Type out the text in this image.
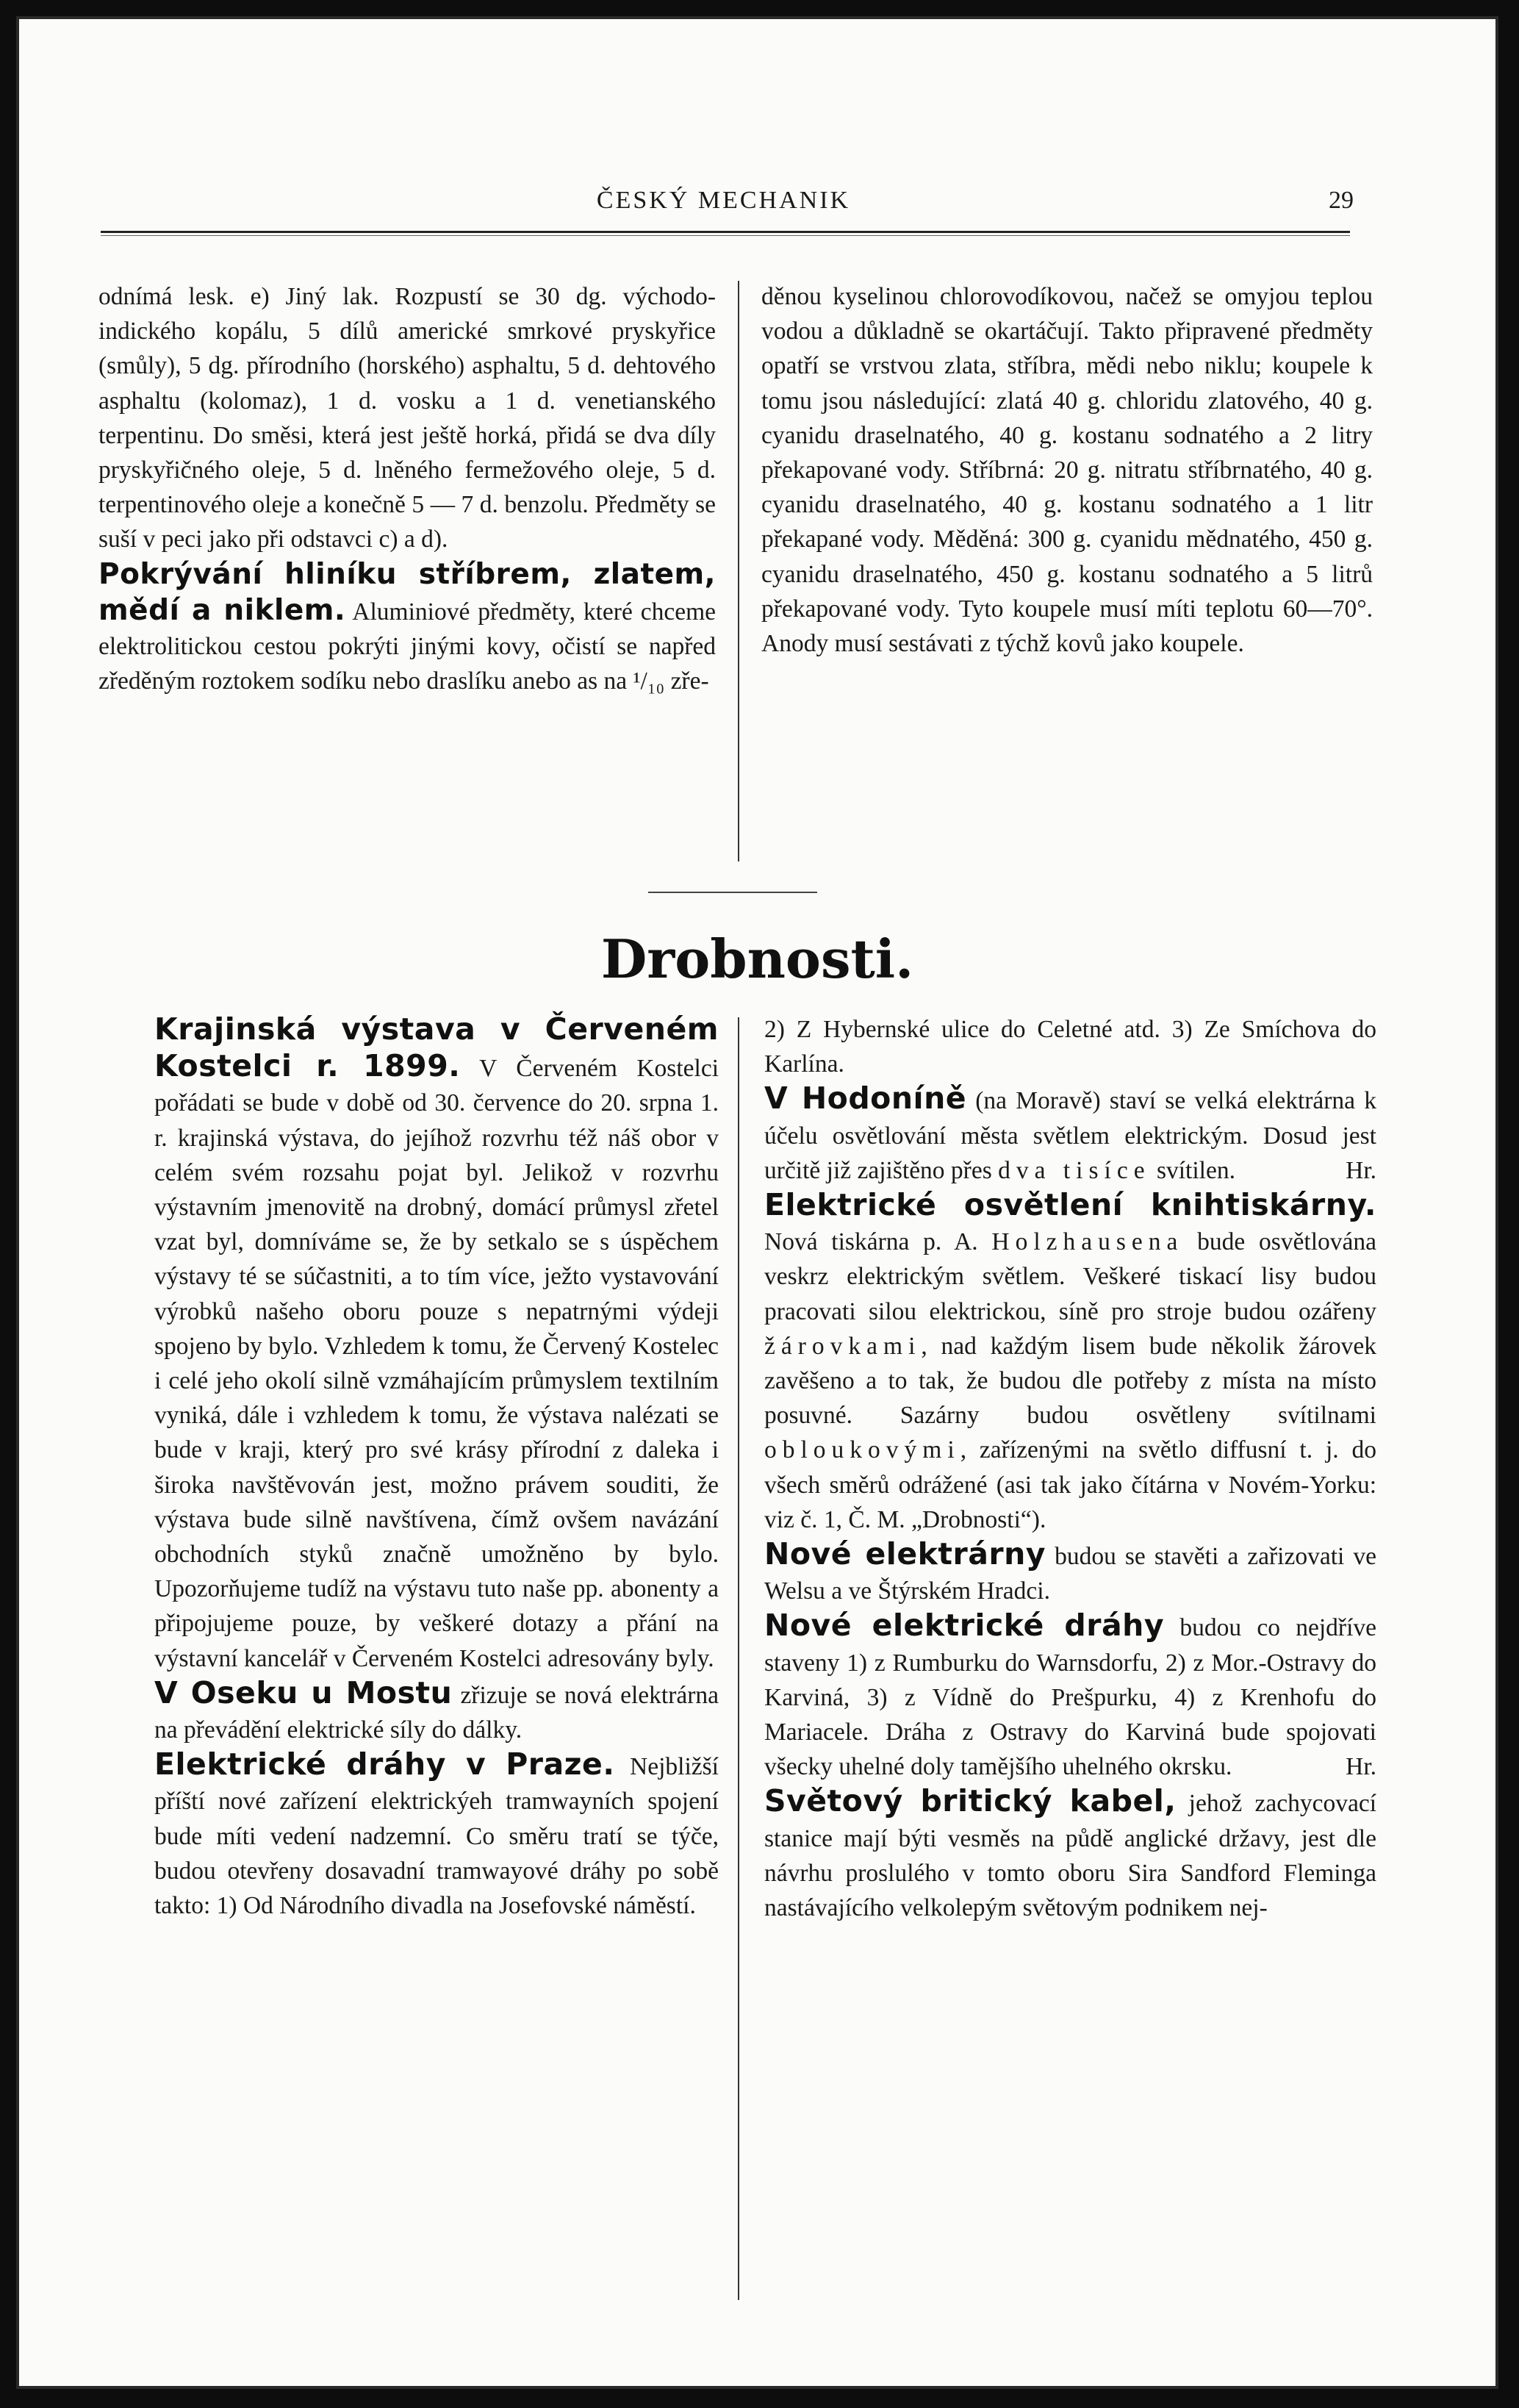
ČESKÝ MECHANIK	29

odnímá lesk. e) Jiný lak. Rozpustí se 30 dg. východo-indického kopálu, 5 dílů americké smrkové pryskyřice (smůly), 5 dg. přírodního (horského) asphaltu, 5 d. dehtového asphaltu (kolomaz), 1 d. vosku a 1 d. venetianského terpentinu. Do směsi, která jest ještě horká, přidá se dva díly pryskyřičného oleje, 5 d. lněného fermežového oleje, 5 d. terpentinového oleje a konečně 5 — 7 d. benzolu. Předměty se suší v peci jako při odstavci c) a d).

Pokrývání hliníku stříbrem, zlatem, mědí a niklem. Aluminiové předměty, které chceme elektrolitickou cestou pokrýti jinými kovy, očistí se napřed zředěným roztokem sodíku nebo draslíku anebo as na ¹/₁₀ zře-

děnou kyselinou chlorovodíkovou, načež se omyjou teplou vodou a důkladně se okartáčují. Takto připravené předměty opatří se vrstvou zlata, stříbra, mědi nebo niklu; koupele k tomu jsou následující: zlatá 40 g. chloridu zlatového, 40 g. cyanidu draselnatého, 40 g. kostanu sodnatého a 2 litry překapované vody. Stříbrná: 20 g. nitratu stříbrnatého, 40 g. cyanidu draselnatého, 40 g. kostanu sodnatého a 1 litr překapané vody. Měděná: 300 g. cyanidu mědnatého, 450 g. cyanidu draselnatého, 450 g. kostanu sodnatého a 5 litrů překapované vody. Tyto koupele musí míti teplotu 60—70°. Anody musí sestávati z týchž kovů jako koupele.

Drobnosti.

Krajinská výstava v Červeném Kostelci r. 1899. V Červeném Kostelci pořádati se bude v době od 30. července do 20. srpna 1. r. krajinská výstava, do jejíhož rozvrhu též náš obor v celém svém rozsahu pojat byl. Jelikož v rozvrhu výstavním jmenovitě na drobný, domácí průmysl zřetel vzat byl, domníváme se, že by setkalo se s úspěchem výstavy té se súčastniti, a to tím více, ježto vystavování výrobků našeho oboru pouze s nepatrnými výdeji spojeno by bylo. Vzhledem k tomu, že Červený Kostelec i celé jeho okolí silně vzmáhajícím průmyslem textilním vyniká, dále i vzhledem k tomu, že výstava nalézati se bude v kraji, který pro své krásy přírodní z daleka i široka navštěvován jest, možno právem souditi, že výstava bude silně navštívena, čímž ovšem navázání obchodních styků značně umožněno by bylo. Upozorňujeme tudíž na výstavu tuto naše pp. abonenty a připojujeme pouze, by veškeré dotazy a přání na výstavní kancelář v Červeném Kostelci adresovány byly.

V Oseku u Mostu zřizuje se nová elektrárna na převádění elektrické síly do dálky.

Elektrické dráhy v Praze. Nejbližší příští nové zařízení elektrickýeh tramwayních spojení bude míti vedení nadzemní. Co směru tratí se týče, budou otevřeny dosavadní tramwayové dráhy po sobě takto: 1) Od Národního divadla na Josefovské náměstí.

2) Z Hybernské ulice do Celetné atd. 3) Ze Smíchova do Karlína.

V Hodoníně (na Moravě) staví se velká elektrárna k účelu osvětlování města světlem elektrickým. Dosud jest určitě již zajištěno přes dva tisíce svítilen.	Hr.

Elektrické osvětlení knihtiskárny. Nová tiskárna p. A. Holzhausena bude osvětlována veskrz elektrickým světlem. Veškeré tiskací lisy budou pracovati silou elektrickou, síně pro stroje budou ozářeny žárovkami, nad každým lisem bude několik žárovek zavěšeno a to tak, že budou dle potřeby z místa na místo posuvné. Sazárny budou osvětleny svítilnami obloukovými, zařízenými na světlo diffusní t. j. do všech směrů odrážené (asi tak jako čítárna v Novém-Yorku: viz č. 1, Č. M. „Drobnosti“).

Nové elektrárny budou se stavěti a zařizovati ve Welsu a ve Štýrském Hradci.

Nové elektrické dráhy budou co nejdříve staveny 1) z Rumburku do Warnsdorfu, 2) z Mor.-Ostravy do Karviná, 3) z Vídně do Prešpurku, 4) z Krenhofu do Mariacele. Dráha z Ostravy do Karviná bude spojovati všecky uhelné doly tamějšího uhelného okrsku.	Hr.

Světový britický kabel, jehož zachycovací stanice mají býti vesměs na půdě anglické državy, jest dle návrhu proslulého v tomto oboru Sira Sandford Fleminga nastávajícího velkolepým světovým podnikem nej-
